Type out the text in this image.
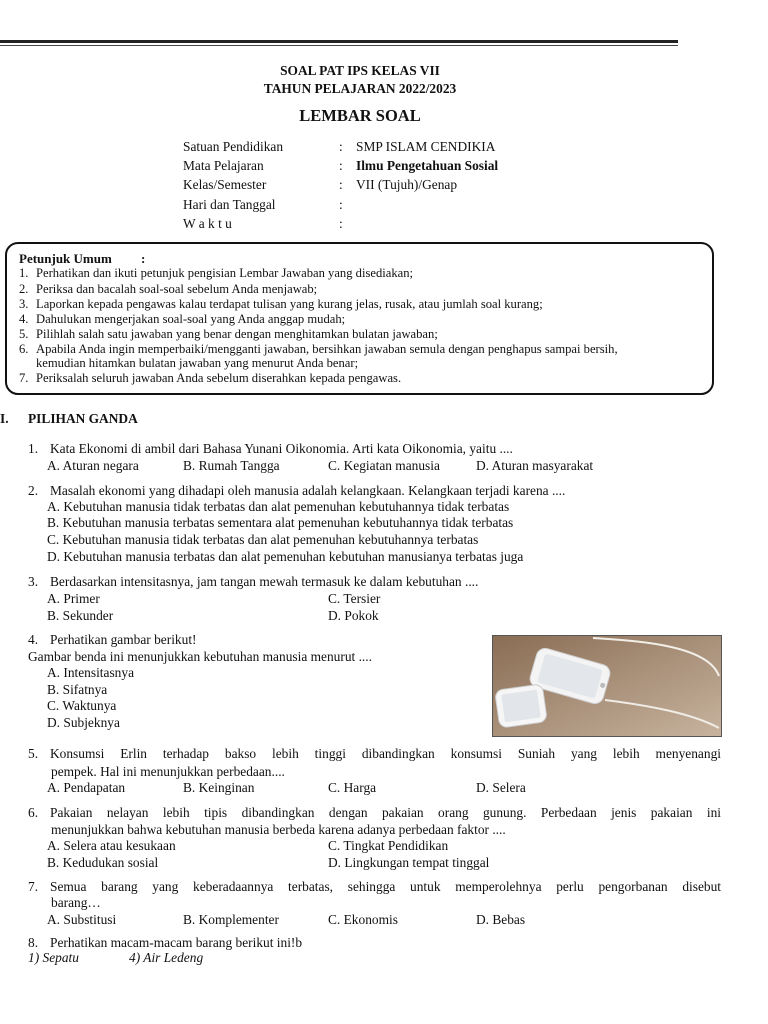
SOAL PAT IPS KELAS VII
TAHUN PELAJARAN 2022/2023
LEMBAR SOAL
Satuan Pendidikan	: SMP ISLAM CENDIKIA
Mata Pelajaran	: Ilmu Pengetahuan Sosial
Kelas/Semester	: VII (Tujuh)/Genap
Hari dan Tanggal	:
W a k t u	:
Petunjuk Umum :
1. Perhatikan dan ikuti petunjuk pengisian Lembar Jawaban yang disediakan;
2. Periksa dan bacalah soal-soal sebelum Anda menjawab;
3. Laporkan kepada pengawas kalau terdapat tulisan yang kurang jelas, rusak, atau jumlah soal kurang;
4. Dahulukan mengerjakan soal-soal yang Anda anggap mudah;
5. Pilihlah salah satu jawaban yang benar dengan menghitamkan bulatan jawaban;
6. Apabila Anda ingin memperbaiki/mengganti jawaban, bersihkan jawaban semula dengan penghapus sampai bersih,
kemudian hitamkan bulatan jawaban yang menurut Anda benar;
7. Periksalah seluruh jawaban Anda sebelum diserahkan kepada pengawas.
I. PILIHAN GANDA
1. Kata Ekonomi di ambil dari Bahasa Yunani Oikonomia. Arti kata Oikonomia, yaitu ....
A. Aturan negara	B. Rumah Tangga	C. Kegiatan manusia	D. Aturan masyarakat
2. Masalah ekonomi yang dihadapi oleh manusia adalah kelangkaan. Kelangkaan terjadi karena ....
A. Kebutuhan manusia tidak terbatas dan alat pemenuhan kebutuhannya tidak terbatas
B. Kebutuhan manusia terbatas sementara alat pemenuhan kebutuhannya tidak terbatas
C. Kebutuhan manusia tidak terbatas dan alat pemenuhan kebutuhannya terbatas
D. Kebutuhan manusia terbatas dan alat pemenuhan kebutuhan manusianya terbatas juga
3. Berdasarkan intensitasnya, jam tangan mewah termasuk ke dalam kebutuhan ....
A. Primer	C. Tersier
B. Sekunder	D. Pokok
4. Perhatikan gambar berikut!
Gambar benda ini menunjukkan kebutuhan manusia menurut ....
A. Intensitasnya
B. Sifatnya
C. Waktunya
D. Subjeknya
5. Konsumsi Erlin terhadap bakso lebih tinggi dibandingkan konsumsi Suniah yang lebih menyenangi
pempek. Hal ini menunjukkan perbedaan....
A. Pendapatan	B. Keinginan	C. Harga	D. Selera
6. Pakaian nelayan lebih tipis dibandingkan dengan pakaian orang gunung. Perbedaan jenis pakaian ini
menunjukkan bahwa kebutuhan manusia berbeda karena adanya perbedaan faktor ....
A. Selera atau kesukaan	C. Tingkat Pendidikan
B. Kedudukan sosial	D. Lingkungan tempat tinggal
7. Semua barang yang keberadaannya terbatas, sehingga untuk memperolehnya perlu pengorbanan disebut
barang…
A. Substitusi	B. Komplementer	C. Ekonomis	D. Bebas
8. Perhatikan macam-macam barang berikut ini!b
1) Sepatu	4) Air Ledeng
